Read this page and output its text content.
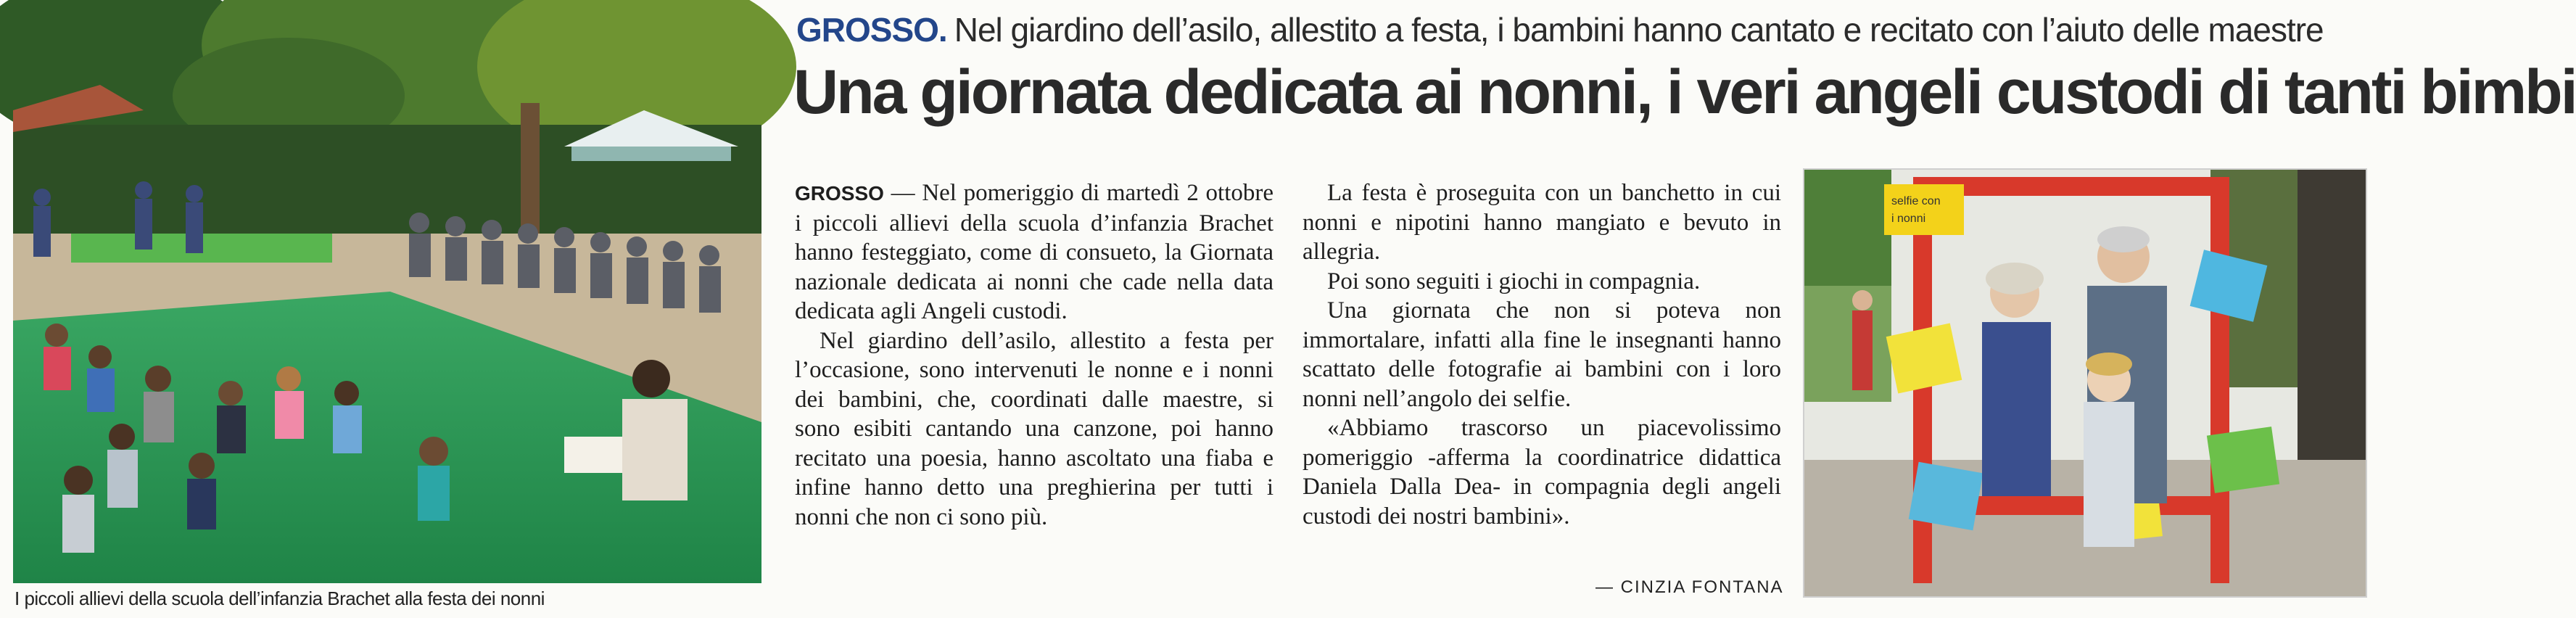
GROSSO. Nel giardino dell’asilo, allestito a festa, i bambini hanno cantato e recitato con l’aiuto delle maestre
Una giornata dedicata ai nonni, i veri angeli custodi di tanti bimbi
I piccoli allievi della scuola dell’infanzia Brachet alla festa dei nonni

GROSSO — Nel pomeriggio di martedì 2 ottobre i piccoli allievi della scuola d’infanzia Brachet hanno festeggiato, come di consueto, la Giornata nazionale dedicata ai nonni che cade nella data dedicata agli Angeli custodi.

Nel giardino dell’asilo, allestito a festa per l’occasione, sono intervenuti le nonne e i nonni dei bambini, che, coordinati dalle maestre, si sono esibiti cantando una canzone, poi hanno recitato una poesia, hanno ascoltato una fiaba e infine hanno detto una preghierina per tutti i nonni che non ci sono più.

La festa è proseguita con un banchetto in cui nonni e nipotini hanno mangiato e bevuto in allegria.

Poi sono seguiti i giochi in compagnia.

Una giornata che non si poteva non immortalare, infatti alla fine le insegnanti hanno scattato delle fotografie ai bambini con i loro nonni nell’angolo dei selfie.

«Abbiamo trascorso un piacevolissimo pomeriggio -afferma la coordinatrice didattica Daniela Dalla Dea- in compagnia degli angeli custodi dei nostri bambini».

— CINZIA FONTANA
selfie con
i nonni
